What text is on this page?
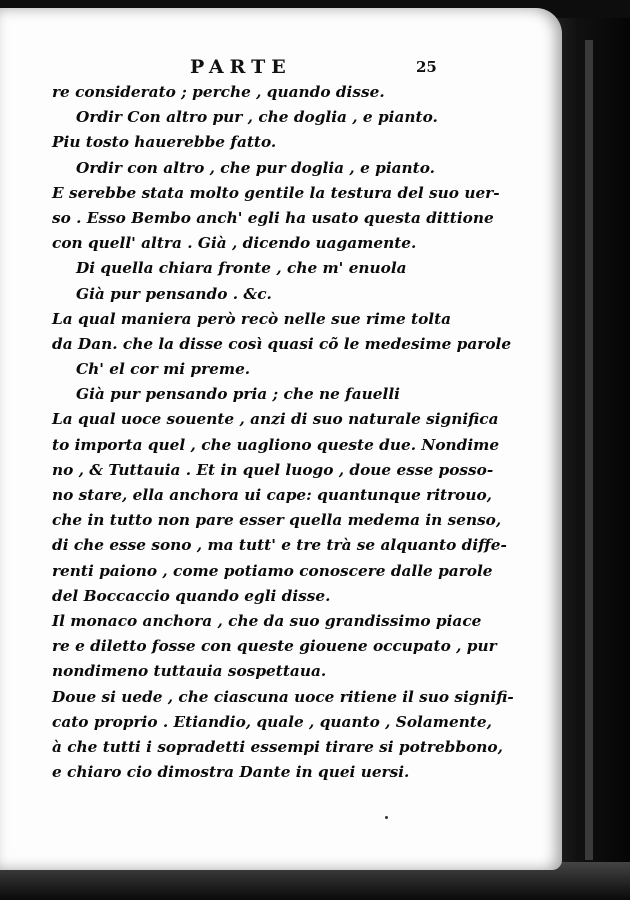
PARTE	25
re considerato ; perche , quando disse.
Ordir Con altro pur , che doglia , e pianto.
Piu tosto hauerebbe fatto.
Ordir con altro , che pur doglia , e pianto.
E serebbe stata molto gentile la testura del suo uer-
so . Esso Bembo anch' egli ha usato questa dittione
con quell' altra . Già , dicendo uagamente.
Di quella chiara fronte , che m' enuola
Già pur pensando . &c.
La qual maniera però recò nelle sue rime tolta
da Dan. che la disse così quasi cõ le medesime parole
Ch' el cor mi preme.
Già pur pensando pria ; che ne fauelli
La qual uoce souente , anzi di suo naturale significa
to importa quel , che uagliono queste due. Nondime
no , & Tuttauia . Et in quel luogo , doue esse posso-
no stare, ella anchora ui cape: quantunque ritrouo,
che in tutto non pare esser quella medema in senso,
di che esse sono , ma tutt' e tre trà se alquanto diffe-
renti paiono , come potiamo conoscere dalle parole
del Boccaccio quando egli disse.
Il monaco anchora , che da suo grandissimo piace
re e diletto fosse con queste giouene occupato , pur
nondimeno tuttauia sospettaua.
Doue si uede , che ciascuna uoce ritiene il suo signifi-
cato proprio . Etiandio, quale , quanto , Solamente,
à che tutti i sopradetti essempi tirare si potrebbono,
e chiaro cio dimostra Dante in quei uersi.
